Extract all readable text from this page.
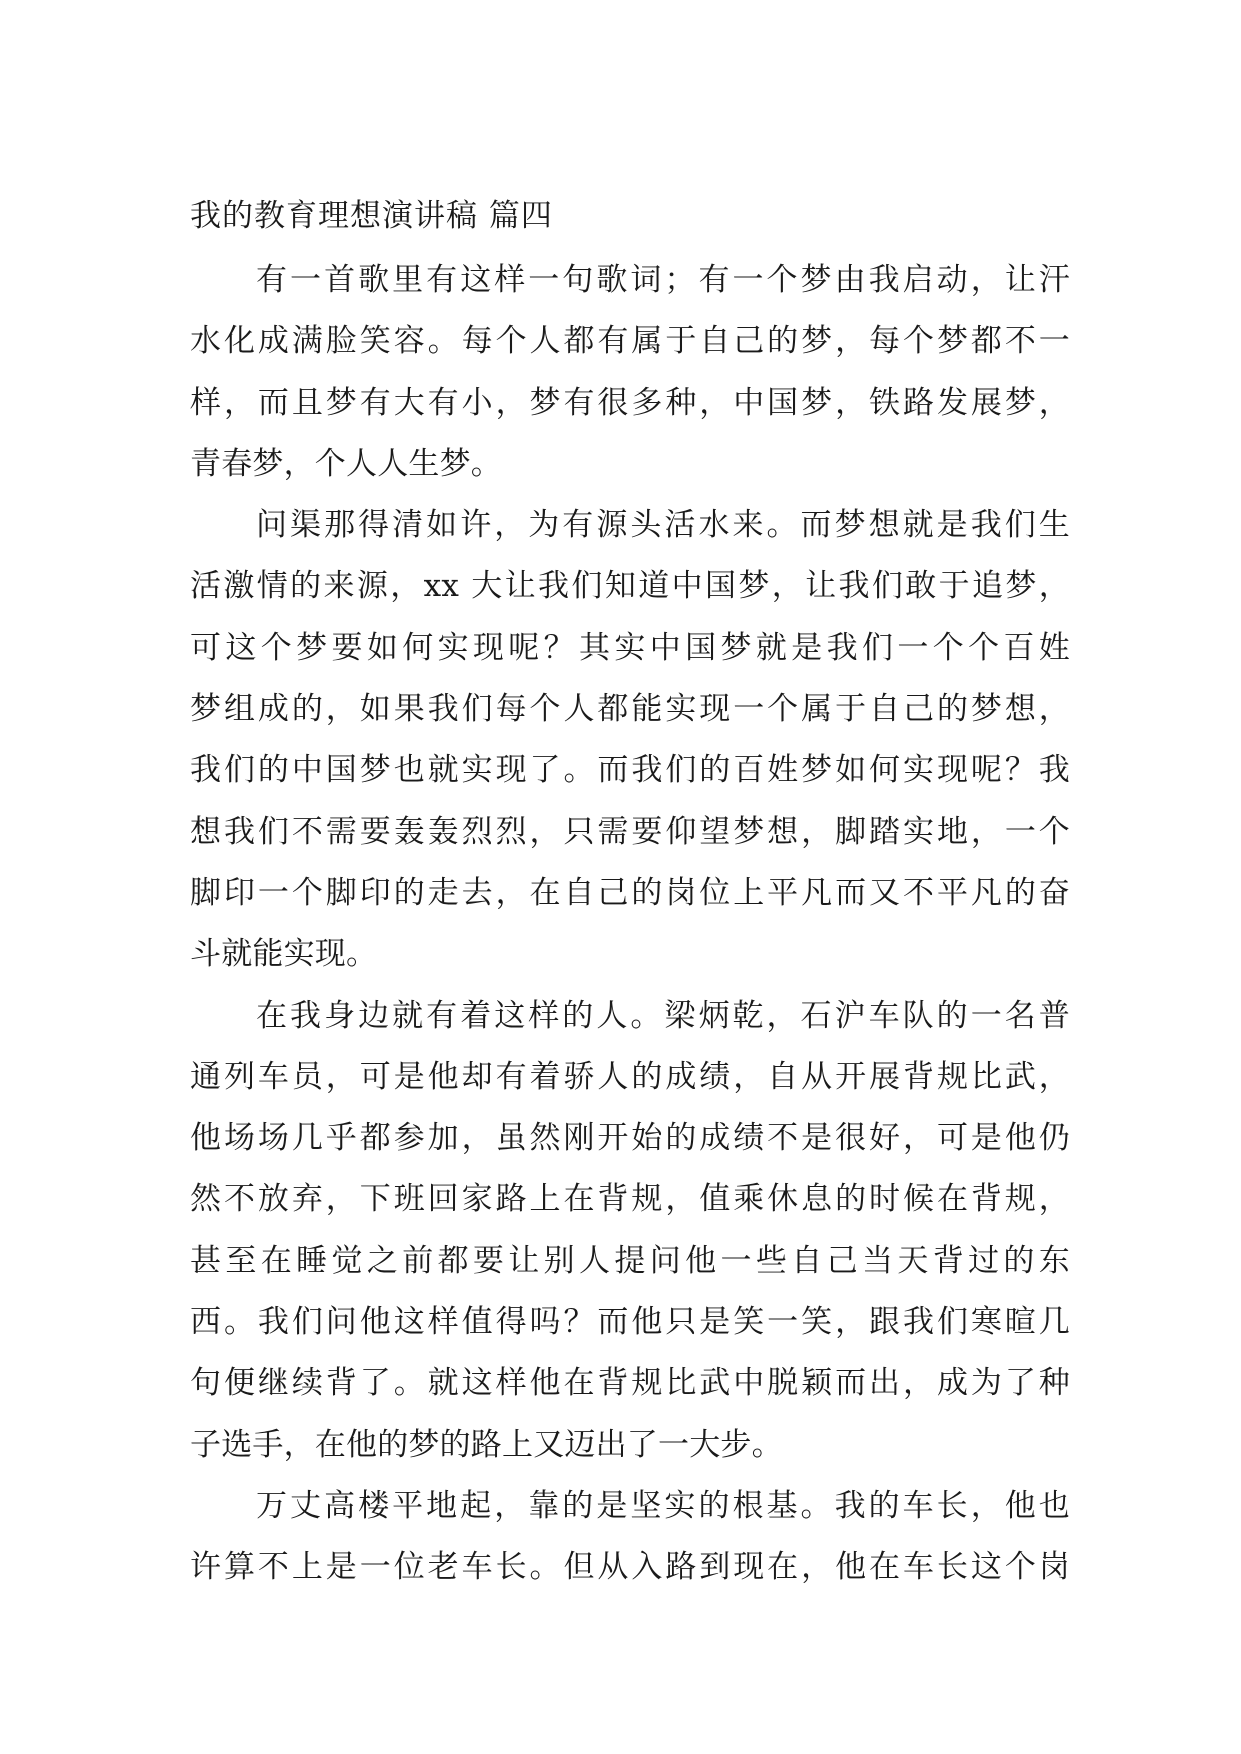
我的教育理想演讲稿 篇四
有一首歌里有这样一句歌词；有一个梦由我启动，让汗
水化成满脸笑容。每个人都有属于自己的梦，每个梦都不一
样，而且梦有大有小，梦有很多种，中国梦，铁路发展梦，
青春梦，个人人生梦。
问渠那得清如许，为有源头活水来。而梦想就是我们生
活激情的来源，xx 大让我们知道中国梦，让我们敢于追梦，
可这个梦要如何实现呢？其实中国梦就是我们一个个百姓
梦组成的，如果我们每个人都能实现一个属于自己的梦想，
我们的中国梦也就实现了。而我们的百姓梦如何实现呢？我
想我们不需要轰轰烈烈，只需要仰望梦想，脚踏实地，一个
脚印一个脚印的走去，在自己的岗位上平凡而又不平凡的奋
斗就能实现。
在我身边就有着这样的人。梁炳乾，石沪车队的一名普
通列车员，可是他却有着骄人的成绩，自从开展背规比武，
他场场几乎都参加，虽然刚开始的成绩不是很好，可是他仍
然不放弃，下班回家路上在背规，值乘休息的时候在背规，
甚至在睡觉之前都要让别人提问他一些自己当天背过的东
西。我们问他这样值得吗？而他只是笑一笑，跟我们寒暄几
句便继续背了。就这样他在背规比武中脱颖而出，成为了种
子选手，在他的梦的路上又迈出了一大步。
万丈高楼平地起，靠的是坚实的根基。我的车长，他也
许算不上是一位老车长。但从入路到现在，他在车长这个岗
